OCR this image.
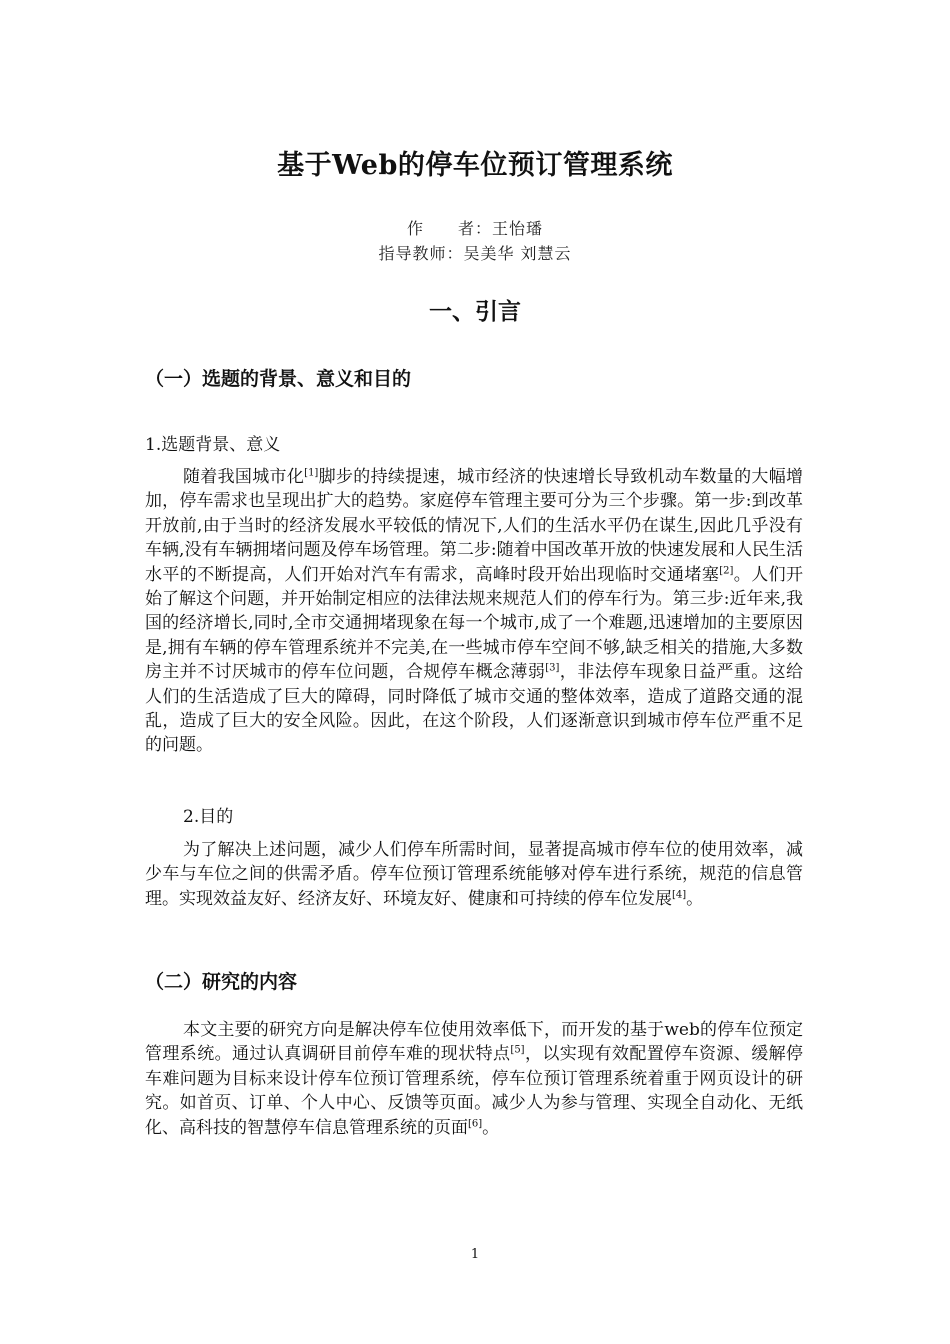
基于Web的停车位预订管理系统
作　　者：王怡璠
指导教师：吴美华 刘慧云
一、引言
（一）选题的背景、意义和目的
1.选题背景、意义

随着我国城市化[1]脚步的持续提速，城市经济的快速增长导致机动车数量的大幅增加，停车需求也呈现出扩大的趋势。家庭停车管理主要可分为三个步骤。第一步:到改革开放前,由于当时的经济发展水平较低的情况下,人们的生活水平仍在谋生,因此几乎没有车辆,没有车辆拥堵问题及停车场管理。第二步:随着中国改革开放的快速发展和人民生活水平的不断提高，人们开始对汽车有需求，高峰时段开始出现临时交通堵塞[2]。人们开始了解这个问题，并开始制定相应的法律法规来规范人们的停车行为。第三步:近年来,我国的经济增长,同时,全市交通拥堵现象在每一个城市,成了一个难题,迅速增加的主要原因是,拥有车辆的停车管理系统并不完美,在一些城市停车空间不够,缺乏相关的措施,大多数房主并不讨厌城市的停车位问题，合规停车概念薄弱[3]，非法停车现象日益严重。这给人们的生活造成了巨大的障碍，同时降低了城市交通的整体效率，造成了道路交通的混乱，造成了巨大的安全风险。因此，在这个阶段，人们逐渐意识到城市停车位严重不足的问题。

2.目的

为了解决上述问题，减少人们停车所需时间，显著提高城市停车位的使用效率，减少车与车位之间的供需矛盾。停车位预订管理系统能够对停车进行系统，规范的信息管理。实现效益友好、经济友好、环境友好、健康和可持续的停车位发展[4]。

（二）研究的内容

本文主要的研究方向是解决停车位使用效率低下，而开发的基于web的停车位预定管理系统。通过认真调研目前停车难的现状特点[5]，以实现有效配置停车资源、缓解停车难问题为目标来设计停车位预订管理系统，停车位预订管理系统着重于网页设计的研究。如首页、订单、个人中心、反馈等页面。减少人为参与管理、实现全自动化、无纸化、高科技的智慧停车信息管理系统的页面[6]。

1
